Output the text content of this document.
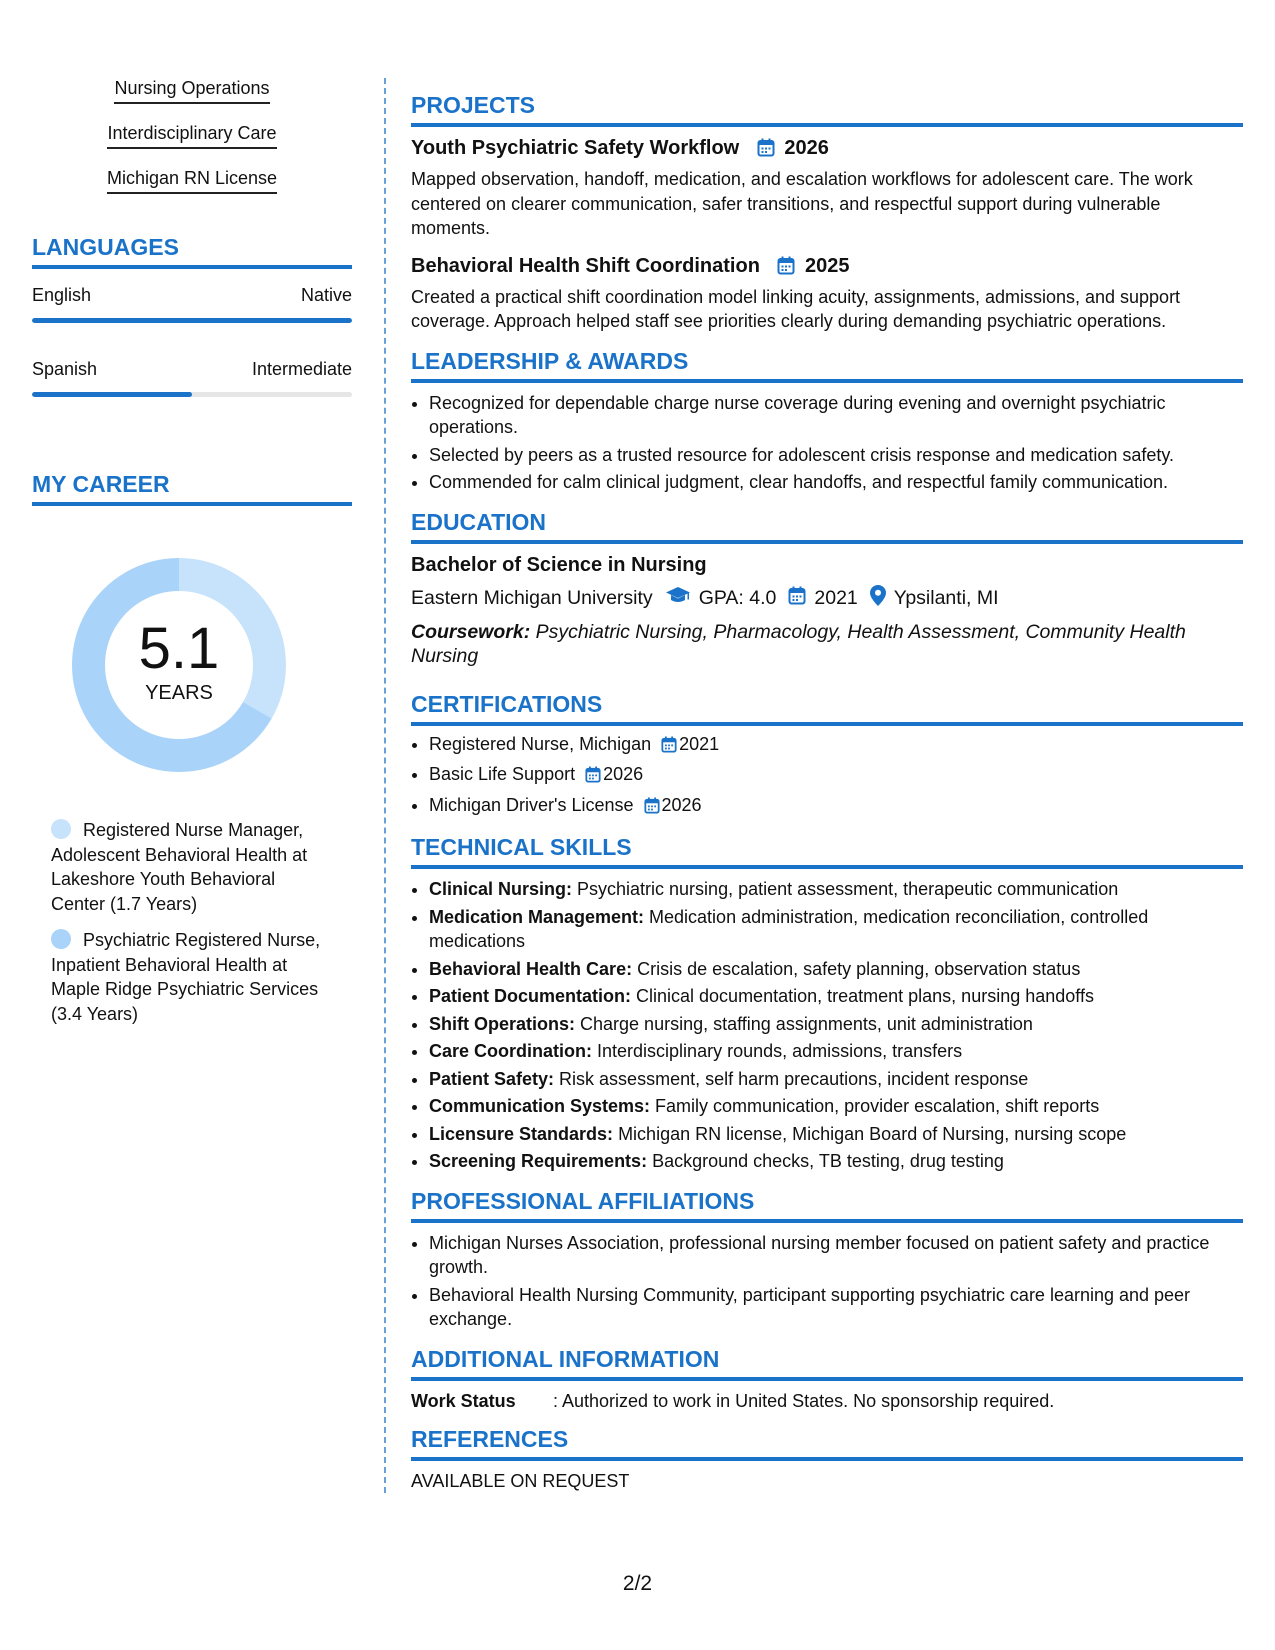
Nursing Operations
Interdisciplinary Care
Michigan RN License
LANGUAGES
English	Native
Spanish	Intermediate
MY CAREER
5.1
YEARS
Registered Nurse Manager, Adolescent Behavioral Health at Lakeshore Youth Behavioral Center (1.7 Years)
Psychiatric Registered Nurse, Inpatient Behavioral Health at Maple Ridge Psychiatric Services (3.4 Years)
PROJECTS
Youth Psychiatric Safety Workflow 2026
Mapped observation, handoff, medication, and escalation workflows for adolescent care. The work centered on clearer communication, safer transitions, and respectful support during vulnerable moments.
Behavioral Health Shift Coordination 2025
Created a practical shift coordination model linking acuity, assignments, admissions, and support coverage. Approach helped staff see priorities clearly during demanding psychiatric operations.
LEADERSHIP & AWARDS
• Recognized for dependable charge nurse coverage during evening and overnight psychiatric operations.
• Selected by peers as a trusted resource for adolescent crisis response and medication safety.
• Commended for calm clinical judgment, clear handoffs, and respectful family communication.
EDUCATION
Bachelor of Science in Nursing
Eastern Michigan University GPA: 4.0 2021 Ypsilanti, MI
Coursework: Psychiatric Nursing, Pharmacology, Health Assessment, Community Health Nursing
CERTIFICATIONS
• Registered Nurse, Michigan 2021
• Basic Life Support 2026
• Michigan Driver's License 2026
TECHNICAL SKILLS
• Clinical Nursing: Psychiatric nursing, patient assessment, therapeutic communication
• Medication Management: Medication administration, medication reconciliation, controlled medications
• Behavioral Health Care: Crisis de escalation, safety planning, observation status
• Patient Documentation: Clinical documentation, treatment plans, nursing handoffs
• Shift Operations: Charge nursing, staffing assignments, unit administration
• Care Coordination: Interdisciplinary rounds, admissions, transfers
• Patient Safety: Risk assessment, self harm precautions, incident response
• Communication Systems: Family communication, provider escalation, shift reports
• Licensure Standards: Michigan RN license, Michigan Board of Nursing, nursing scope
• Screening Requirements: Background checks, TB testing, drug testing
PROFESSIONAL AFFILIATIONS
• Michigan Nurses Association, professional nursing member focused on patient safety and practice growth.
• Behavioral Health Nursing Community, participant supporting psychiatric care learning and peer exchange.
ADDITIONAL INFORMATION
Work Status : Authorized to work in United States. No sponsorship required.
REFERENCES
AVAILABLE ON REQUEST
2/2
